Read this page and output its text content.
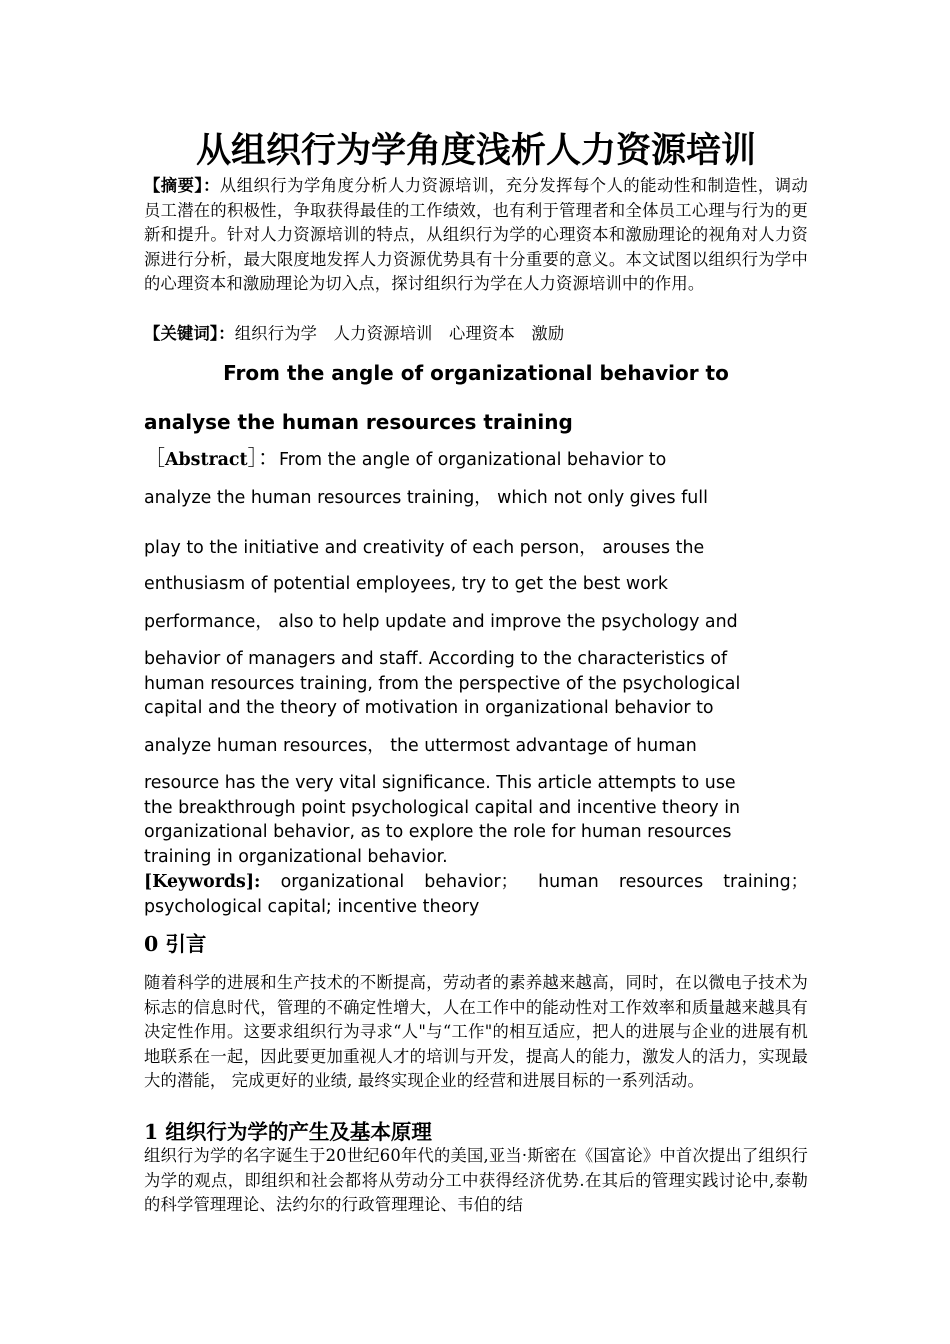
从组织行为学角度浅析人力资源培训
【摘要】：从组织行为学角度分析人力资源培训，充分发挥每个人的能动性和制造性，调动员工潜在的积极性，争取获得最佳的工作绩效，也有利于管理者和全体员工心理与行为的更新和提升。针对人力资源培训的特点，从组织行为学的心理资本和激励理论的视角对人力资源进行分析，最大限度地发挥人力资源优势具有十分重要的意义。本文试图以组织行为学中的心理资本和激励理论为切入点，探讨组织行为学在人力资源培训中的作用。
【关键词】：组织行为学　人力资源培训　心理资本　激励
From the angle of organizational behavior to
analyse the human resources training
［Abstract］：From the angle of organizational behavior to
analyze the human resources training， which not only gives full
play to the initiative and creativity of each person， arouses the
enthusiasm of potential employees, try to get the best work
performance， also to help update and improve the psychology and
behavior of managers and staff. According to the characteristics of
human resources training, from the perspective of the psychological
capital and the theory of motivation in organizational behavior to
analyze human resources， the uttermost advantage of human
resource has the very vital significance. This article attempts to use
the breakthrough point psychological capital and incentive theory in
organizational behavior, as to explore the role for human resources
training in organizational behavior.
[Keywords]: organizational behavior； human resources training；psychological capital; incentive theory
0 引言
随着科学的进展和生产技术的不断提高，劳动者的素养越来越高，同时，在以微电子技术为标志的信息时代，管理的不确定性增大，人在工作中的能动性对工作效率和质量越来越具有决定性作用。这要求组织行为寻求“人"与“工作"的相互适应，把人的进展与企业的进展有机地联系在一起，因此要更加重视人才的培训与开发，提高人的能力，激发人的活力，实现最大的潜能， 完成更好的业绩, 最终实现企业的经营和进展目标的一系列活动。
1 组织行为学的产生及基本原理
组织行为学的名字诞生于20世纪60年代的美国,亚当·斯密在《国富论》中首次提出了组织行为学的观点，即组织和社会都将从劳动分工中获得经济优势.在其后的管理实践讨论中,泰勒的科学管理理论、法约尔的行政管理理论、韦伯的结
